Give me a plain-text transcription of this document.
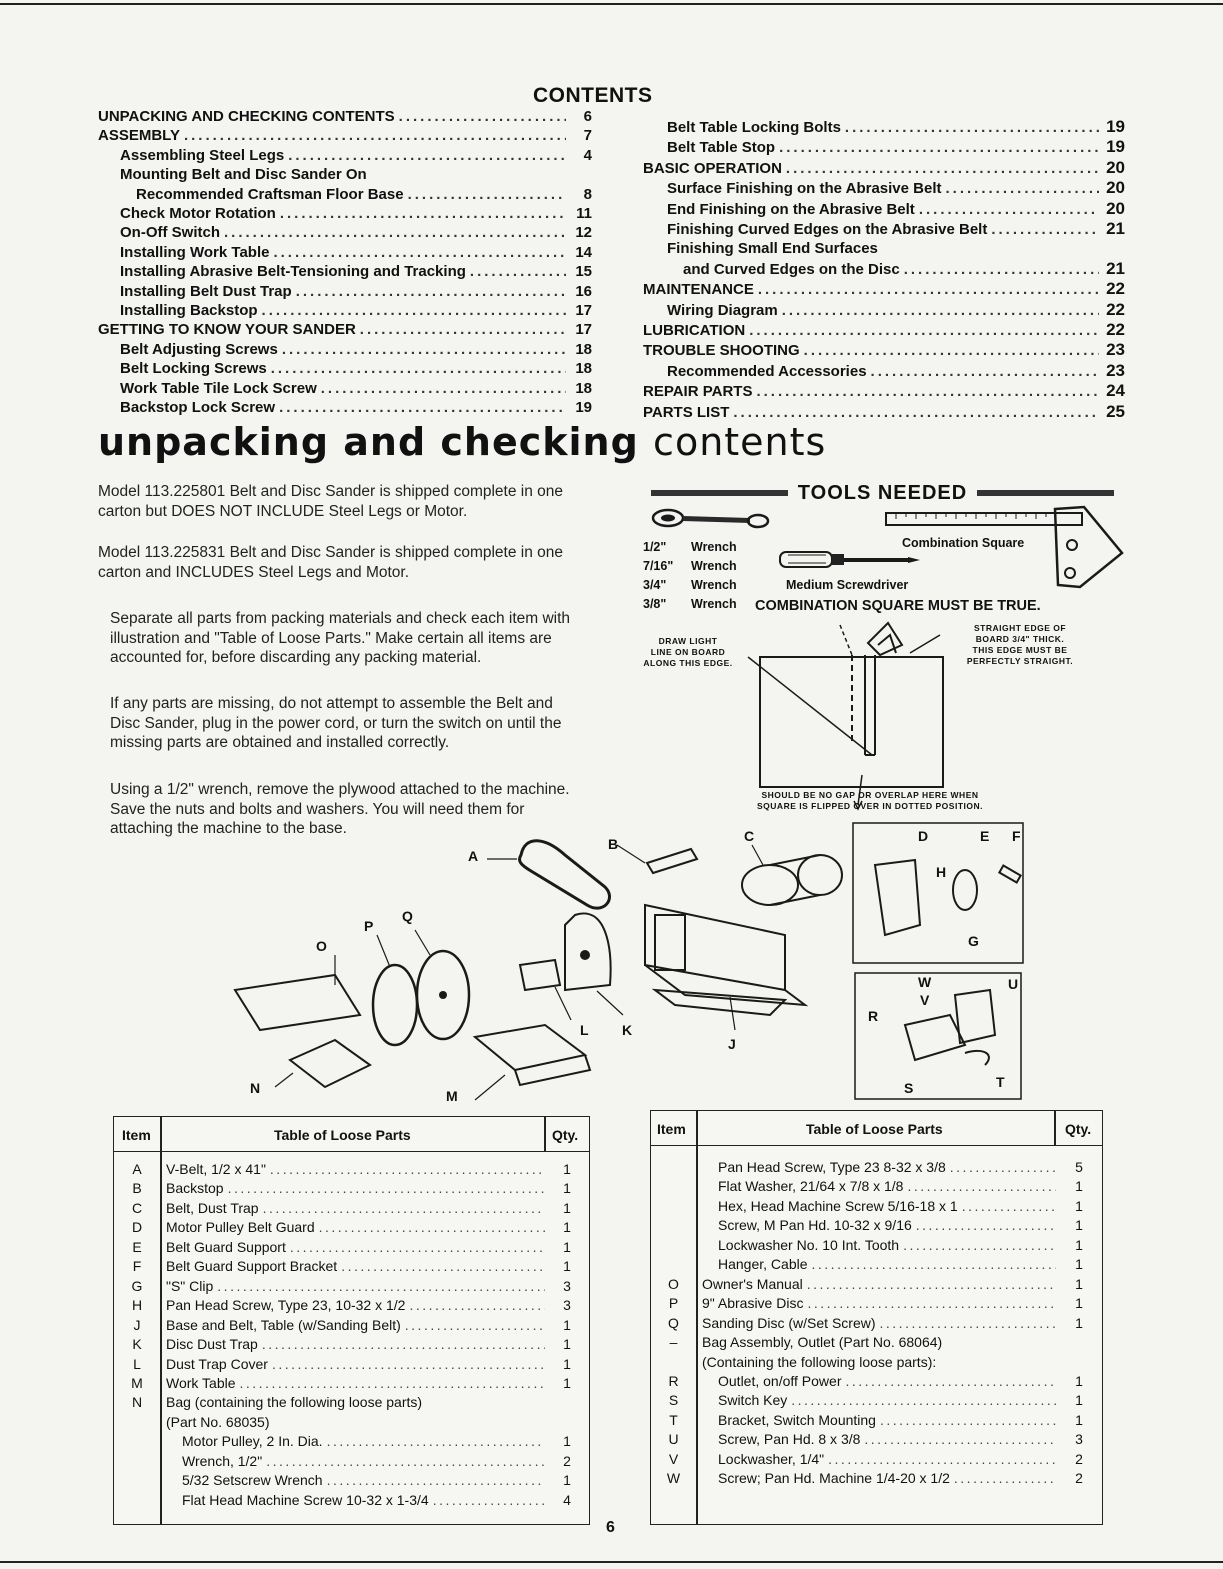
CONTENTS
UNPACKING AND CHECKING CONTENTS .....	6
ASSEMBLY .....	7
Assembling Steel Legs .....	4
Mounting Belt and Disc Sander On
Recommended Craftsman Floor Base .....	8
Check Motor Rotation .....	11
On-Off Switch .....	12
Installing Work Table .....	14
Installing Abrasive Belt-Tensioning and Tracking .....	15
Installing Belt Dust Trap .....	16
Installing Backstop .....	17
GETTING TO KNOW YOUR SANDER .....	17
Belt Adjusting Screws .....	18
Belt Locking Screws .....	18
Work Table Tile Lock Screw .....	18
Backstop Lock Screw .....	19
Belt Table Locking Bolts .....	19
Belt Table Stop .....	19
BASIC OPERATION .....	20
Surface Finishing on the Abrasive Belt .....	20
End Finishing on the Abrasive Belt .....	20
Finishing Curved Edges on the Abrasive Belt .....	21
Finishing Small End Surfaces
and Curved Edges on the Disc .....	21
MAINTENANCE .....	22
Wiring Diagram .....	22
LUBRICATION .....	22
TROUBLE SHOOTING .....	23
Recommended Accessories .....	23
REPAIR PARTS .....	24
PARTS LIST .....	25
unpacking and checking contents
Model 113.225801 Belt and Disc Sander is shipped complete in one carton but DOES NOT INCLUDE Steel Legs or Motor.
Model 113.225831 Belt and Disc Sander is shipped complete in one carton and INCLUDES Steel Legs and Motor.
Separate all parts from packing materials and check each item with illustration and "Table of Loose Parts." Make certain all items are accounted for, before discarding any packing material.
If any parts are missing, do not attempt to assemble the Belt and Disc Sander, plug in the power cord, or turn the switch on until the missing parts are obtained and installed correctly.
Using a 1/2" wrench, remove the plywood attached to the machine. Save the nuts and bolts and washers. You will need them for attaching the machine to the base.
TOOLS NEEDED
1/2" Wrench
7/16" Wrench
3/4" Wrench
3/8" Wrench
Combination Square
Medium Screwdriver
COMBINATION SQUARE MUST BE TRUE.
DRAW LIGHT
LINE ON BOARD
ALONG THIS EDGE.
STRAIGHT EDGE OF
BOARD 3/4" THICK.
THIS EDGE MUST BE
PERFECTLY STRAIGHT.
SHOULD BE NO GAP OR OVERLAP HERE WHEN
SQUARE IS FLIPPED OVER IN DOTTED POSITION.
A
B	C	D	E F
G
H
J
K
L
M
N
O
P
Q
R
S	T
U
V
W
Item	Table of Loose Parts	Qty.
A	V-Belt, 1/2 x 41" .....	1
B	Backstop .....	1
C	Belt, Dust Trap .....	1
D	Motor Pulley Belt Guard .....	1
E	Belt Guard Support .....	1
F	Belt Guard Support Bracket .....	1
G	"S" Clip .....	3
H	Pan Head Screw, Type 23, 10-32 x 1/2 .....	3
J	Base and Belt, Table (w/Sanding Belt) .....	1
K	Disc Dust Trap .....	1
L	Dust Trap Cover .....	1
M	Work Table .....	1
N	Bag (containing the following loose parts)
(Part No. 68035)
Motor Pulley, 2 In. Dia. .....	1
Wrench, 1/2" .....	2
5/32 Setscrew Wrench .....	1
Flat Head Machine Screw 10-32 x 1-3/4 .....	4
Item	Table of Loose Parts	Qty.
Pan Head Screw, Type 23 8-32 x 3/8 .....	5
Flat Washer, 21/64 x 7/8 x 1/8 .....	1
Hex, Head Machine Screw 5/16-18 x 1 .....	1
Screw, M Pan Hd. 10-32 x 9/16 .....	1
Lockwasher No. 10 Int. Tooth .....	1
Hanger, Cable .....	1
O	Owner's Manual .....	1
P	9" Abrasive Disc .....	1
Q	Sanding Disc (w/Set Screw) .....	1
–	Bag Assembly, Outlet (Part No. 68064)
(Containing the following loose parts):
R	Outlet, on/off Power .....	1
S	Switch Key .....	1
T	Bracket, Switch Mounting .....	1
U	Screw, Pan Hd. 8 x 3/8 .....	3
V	Lockwasher, 1/4" .....	2
W	Screw; Pan Hd. Machine 1/4-20 x 1/2 .....	2
6
